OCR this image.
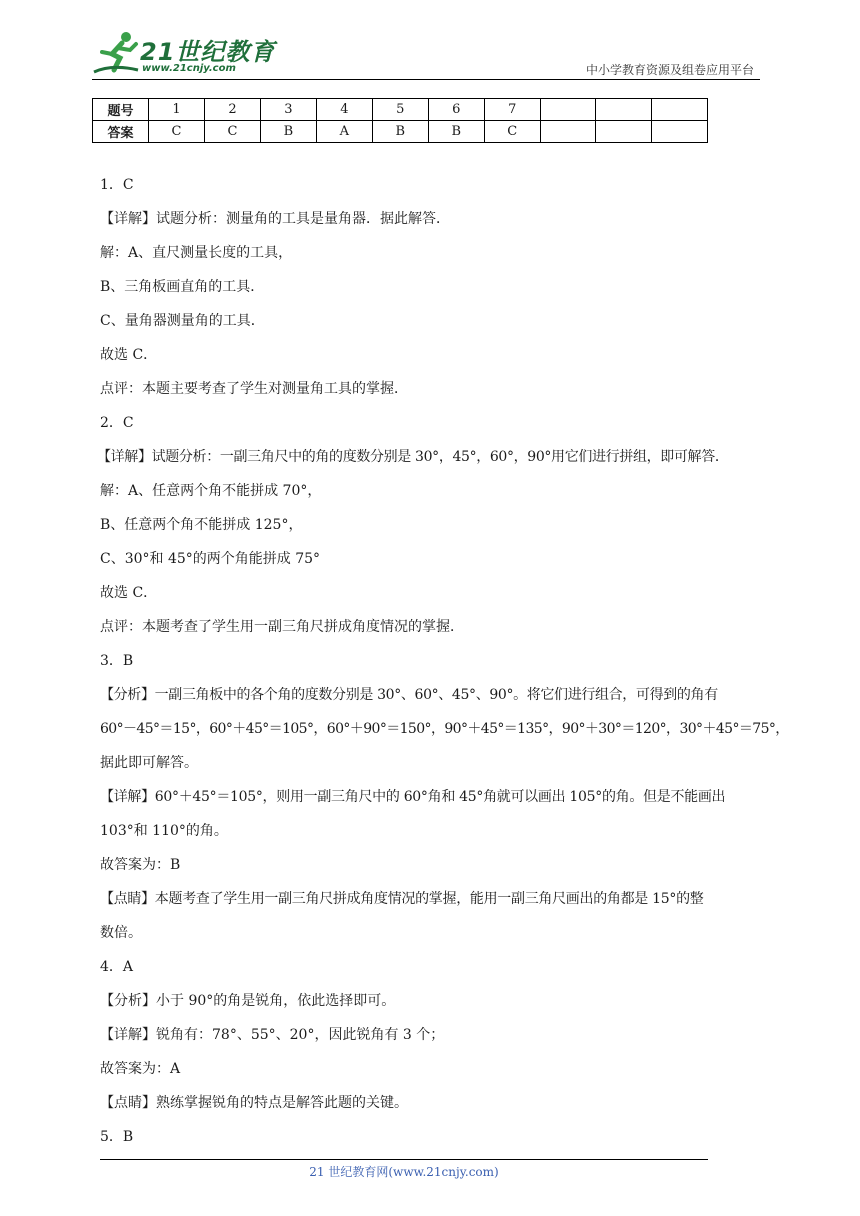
21世纪教育
www.21cnjy.com	中小学教育资源及组卷应用平台
题号	1	2	3	4	5	6	7			
答案	C	C	B	A	B	B	C			
1．C
【详解】试题分析：测量角的工具是量角器．据此解答．
解：A、直尺测量长度的工具，
B、三角板画直角的工具．
C、量角器测量角的工具．
故选 C．
点评：本题主要考查了学生对测量角工具的掌握．
2．C
【详解】试题分析：一副三角尺中的角的度数分别是 30°，45°，60°，90°用它们进行拼组，即可解答．
解：A、任意两个角不能拼成 70°，
B、任意两个角不能拼成 125°，
C、30°和 45°的两个角能拼成 75°
故选 C．
点评：本题考查了学生用一副三角尺拼成角度情况的掌握．
3．B
【分析】一副三角板中的各个角的度数分别是 30°、60°、45°、90°。将它们进行组合，可得到的角有
60°－45°＝15°，60°＋45°＝105°，60°＋90°＝150°，90°＋45°＝135°，90°＋30°＝120°，30°＋45°＝75°，
据此即可解答。
【详解】60°＋45°＝105°，则用一副三角尺中的 60°角和 45°角就可以画出 105°的角。但是不能画出
103°和 110°的角。
故答案为：B
【点睛】本题考查了学生用一副三角尺拼成角度情况的掌握，能用一副三角尺画出的角都是 15°的整
数倍。
4．A
【分析】小于 90°的角是锐角，依此选择即可。
【详解】锐角有：78°、55°、20°，因此锐角有 3 个；
故答案为：A
【点睛】熟练掌握锐角的特点是解答此题的关键。
5．B
21 世纪教育网(www.21cnjy.com)
